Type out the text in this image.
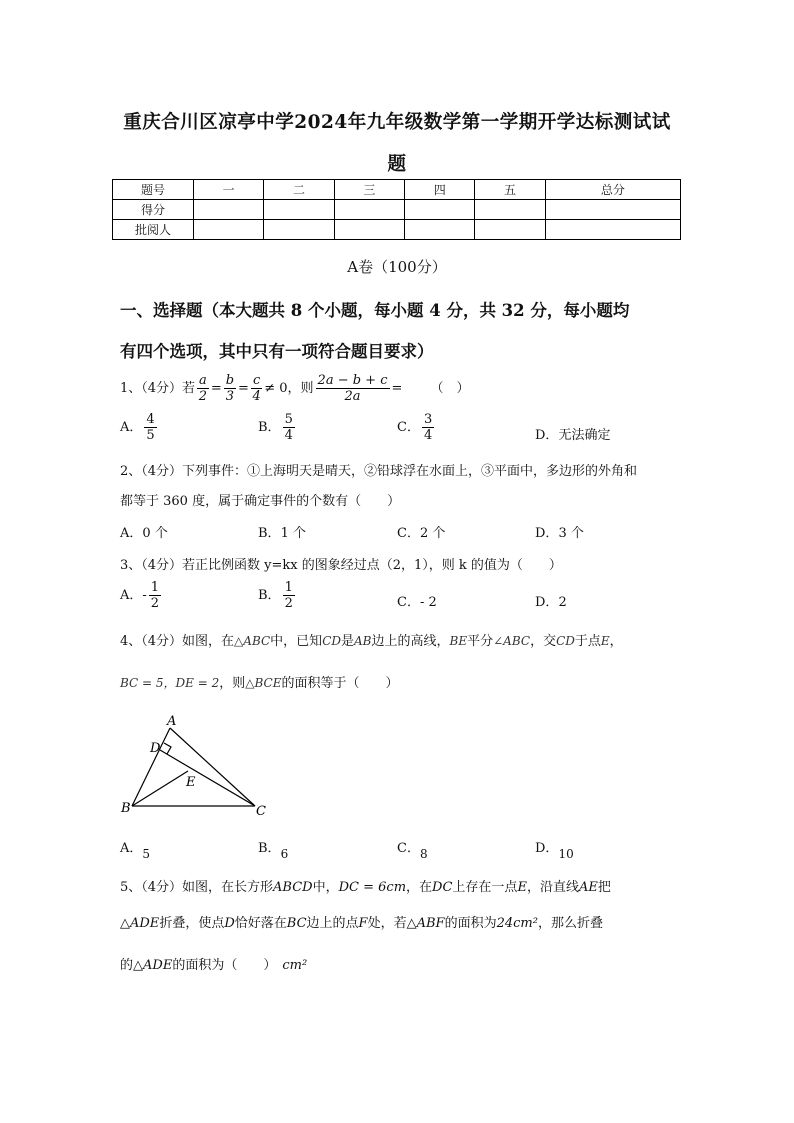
重庆合川区凉亭中学2024年九年级数学第一学期开学达标测试试
题
题号	一	二	三	四	五	总分
得分						
批阅人						
A卷（100分）
一、选择题（本大题共 8 个小题，每小题 4 分，共 32 分，每小题均
有四个选项，其中只有一项符合题目要求）
1、（4分）若 $\frac{a}{2} = \frac{b}{3} = \frac{c}{4} \ne 0$，则 $\frac{2a - b + c}{2a}$ = （　）
A． $\frac{4}{5}$	B． $\frac{5}{4}$	C． $\frac{3}{4}$	D．无法确定
2、（4分）下列事件：①上海明天是晴天，②铅球浮在水面上，③平面中，多边形的外角和
都等于 360 度，属于确定事件的个数有（　　）
A．0 个	B．1 个	C．2 个	D．3 个
3、（4分）若正比例函数 y=kx 的图象经过点（2，1），则 k 的值为（　　）
A．- $\frac{1}{2}$	B． $\frac{1}{2}$	C．- 2	D．2
4、（4分）如图，在△ABC中，已知CD是AB边上的高线，BE平分∠ABC，交CD于点E，
BC = 5，DE = 2，则△BCE的面积等于（　　）
A
D
E
B	C
A．5	B．6	C．8	D．10
5、（4分）如图，在长方形ABCD中，DC = 6cm，在DC上存在一点E，沿直线AE把
△ADE折叠，使点D恰好落在BC边上的点F处，若△ABF的面积为24cm²，那么折叠
的△ADE的面积为（　　） cm²
